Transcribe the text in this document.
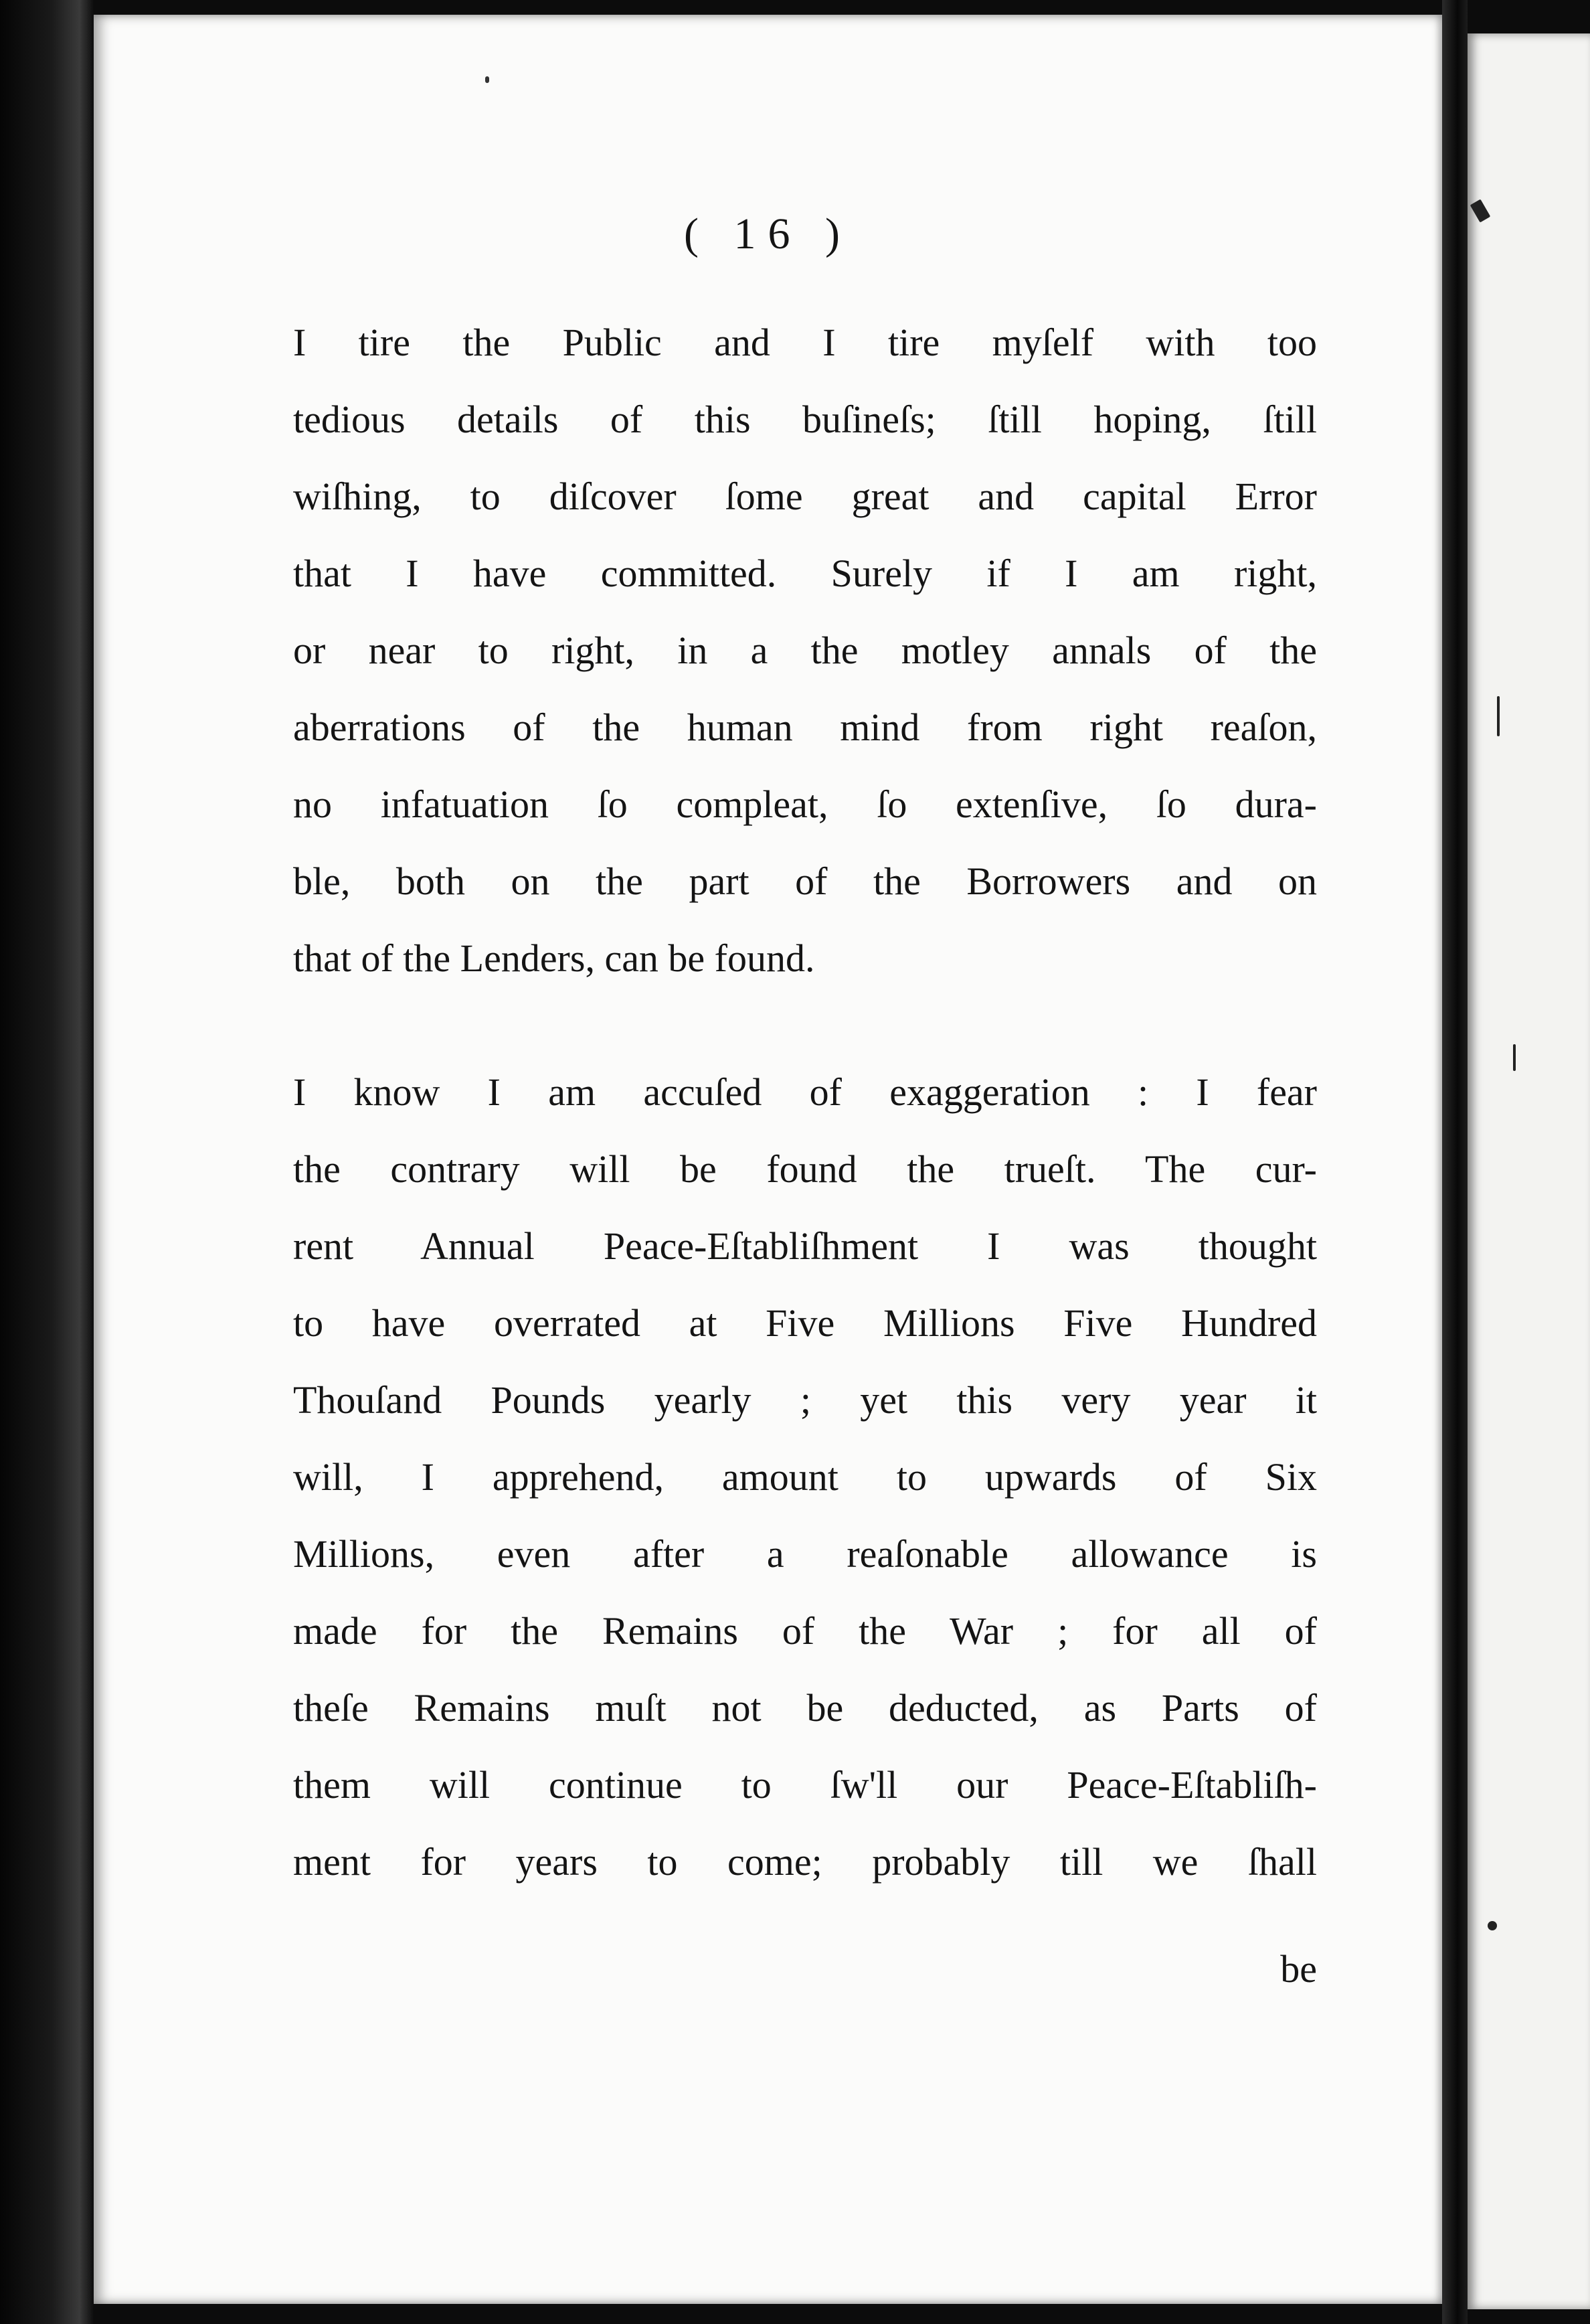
( 16 )

I tire the Public and I tire myſelf with too
tedious details of this buſineſs; ſtill hoping, ſtill
wiſhing, to diſcover ſome great and capital Error
that I have committed. Surely if I am right,
or near to right, in a the motley annals of the
aberrations of the human mind from right reaſon,
no infatuation ſo compleat, ſo extenſive, ſo dura-
ble, both on the part of the Borrowers and on
that of the Lenders, can be found.
I know I am accuſed of exaggeration : I fear
the contrary will be found the trueſt. The cur-
rent Annual Peace-Eſtabliſhment I was thought
to have overrated at Five Millions Five Hundred
Thouſand Pounds yearly ; yet this very year it
will, I apprehend, amount to upwards of Six
Millions, even after a reaſonable allowance is
made for the Remains of the War ; for all of
theſe Remains muſt not be deducted, as Parts of
them will continue to ſw'll our Peace-Eſtabliſh-
ment for years to come; probably till we ſhall

be
